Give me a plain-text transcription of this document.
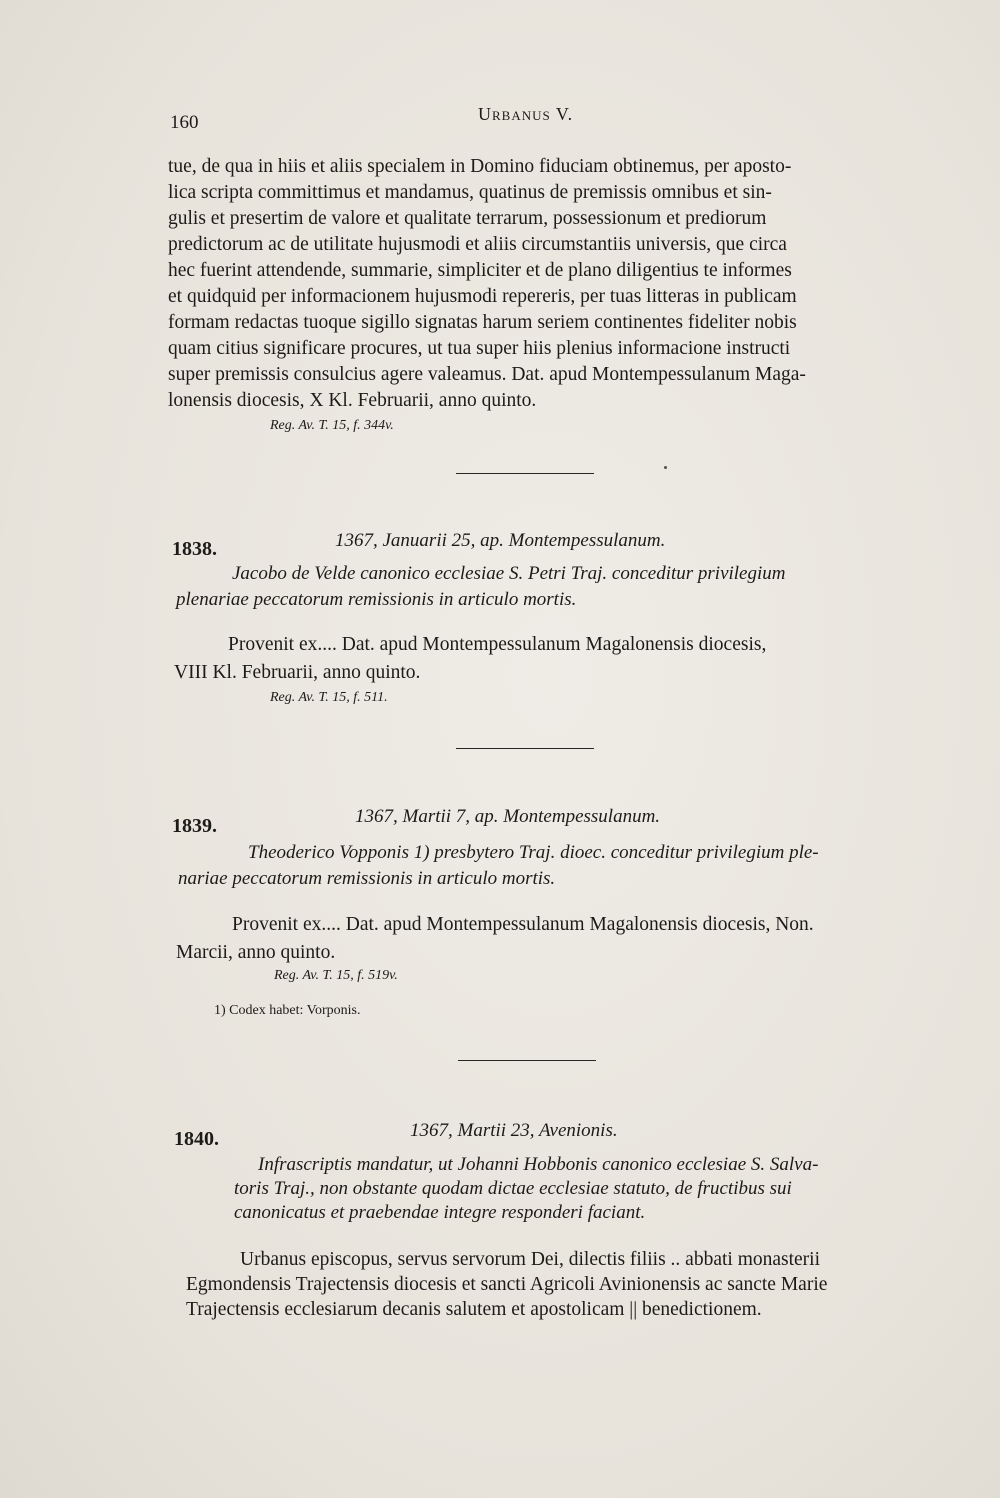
160	Urbanus V.
tue, de qua in hiis et aliis specialem in Domino fiduciam obtinemus, per aposto-
lica scripta committimus et mandamus, quatinus de premissis omnibus et sin-
gulis et presertim de valore et qualitate terrarum, possessionum et prediorum
predictorum ac de utilitate hujusmodi et aliis circumstantiis universis, que circa
hec fuerint attendende, summarie, simpliciter et de plano diligentius te informes
et quidquid per informacionem hujusmodi repereris, per tuas litteras in publicam
formam redactas tuoque sigillo signatas harum seriem continentes fideliter nobis
quam citius significare procures, ut tua super hiis plenius informacione instructi
super premissis consulcius agere valeamus. Dat. apud Montempessulanum Maga-
lonensis diocesis, X Kl. Februarii, anno quinto.
Reg. Av. T. 15, f. 344v.
1838.	1367, Januarii 25, ap. Montempessulanum.
Jacobo de Velde canonico ecclesiae S. Petri Traj. conceditur privilegium
plenariae peccatorum remissionis in articulo mortis.
Provenit ex.... Dat. apud Montempessulanum Magalonensis diocesis,
VIII Kl. Februarii, anno quinto.
Reg. Av. T. 15, f. 511.
1839.	1367, Martii 7, ap. Montempessulanum.
Theoderico Vopponis 1) presbytero Traj. dioec. conceditur privilegium ple-
nariae peccatorum remissionis in articulo mortis.
Provenit ex.... Dat. apud Montempessulanum Magalonensis diocesis, Non.
Marcii, anno quinto.
Reg. Av. T. 15, f. 519v.
1) Codex habet: Vorponis.
1840.	1367, Martii 23, Avenionis.
Infrascriptis mandatur, ut Johanni Hobbonis canonico ecclesiae S. Salva-
toris Traj., non obstante quodam dictae ecclesiae statuto, de fructibus sui
canonicatus et praebendae integre responderi faciant.
Urbanus episcopus, servus servorum Dei, dilectis filiis .. abbati monasterii
Egmondensis Trajectensis diocesis et sancti Agricoli Avinionensis ac sancte Marie
Trajectensis ecclesiarum decanis salutem et apostolicam || benedictionem.
